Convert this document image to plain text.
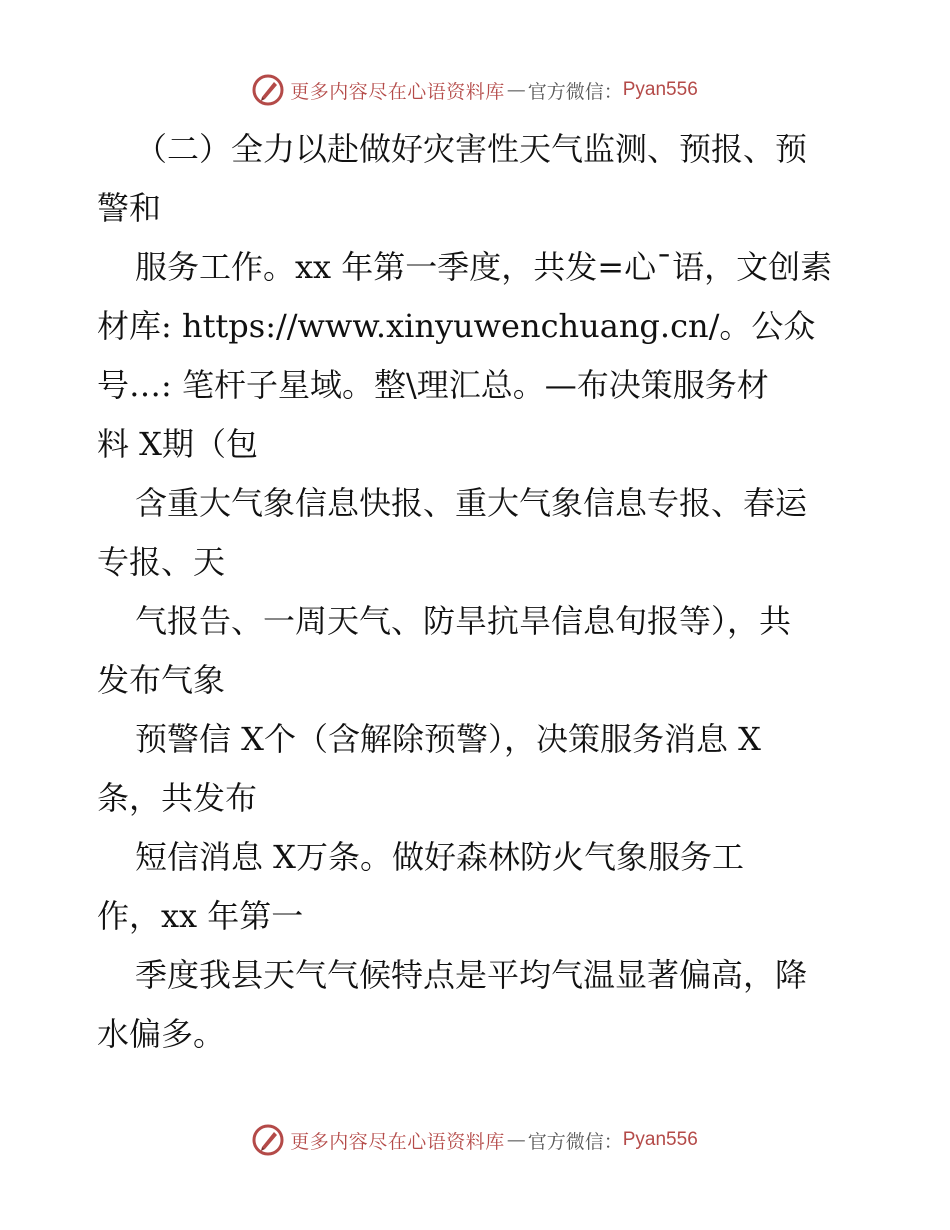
更多内容尽在心语资料库 — 官方微信： Pyan556
（二）全力以赴做好灾害性天气监测、预报、预
警和
服务工作。xx 年第一季度，共发=心¯语，文创素
材库: https://www.xinyuwenchuang.cn/。公众
号…: 笔杆子星域。整\理汇总。—布决策服务材
料 X期（包
含重大气象信息快报、重大气象信息专报、春运
专报、天
气报告、一周天气、防旱抗旱信息旬报等），共
发布气象
预警信 X个（含解除预警），决策服务消息 X
条，共发布
短信消息 X万条。做好森林防火气象服务工
作，xx 年第一
季度我县天气气候特点是平均气温显著偏高，降
水偏多。
更多内容尽在心语资料库 — 官方微信： Pyan556
